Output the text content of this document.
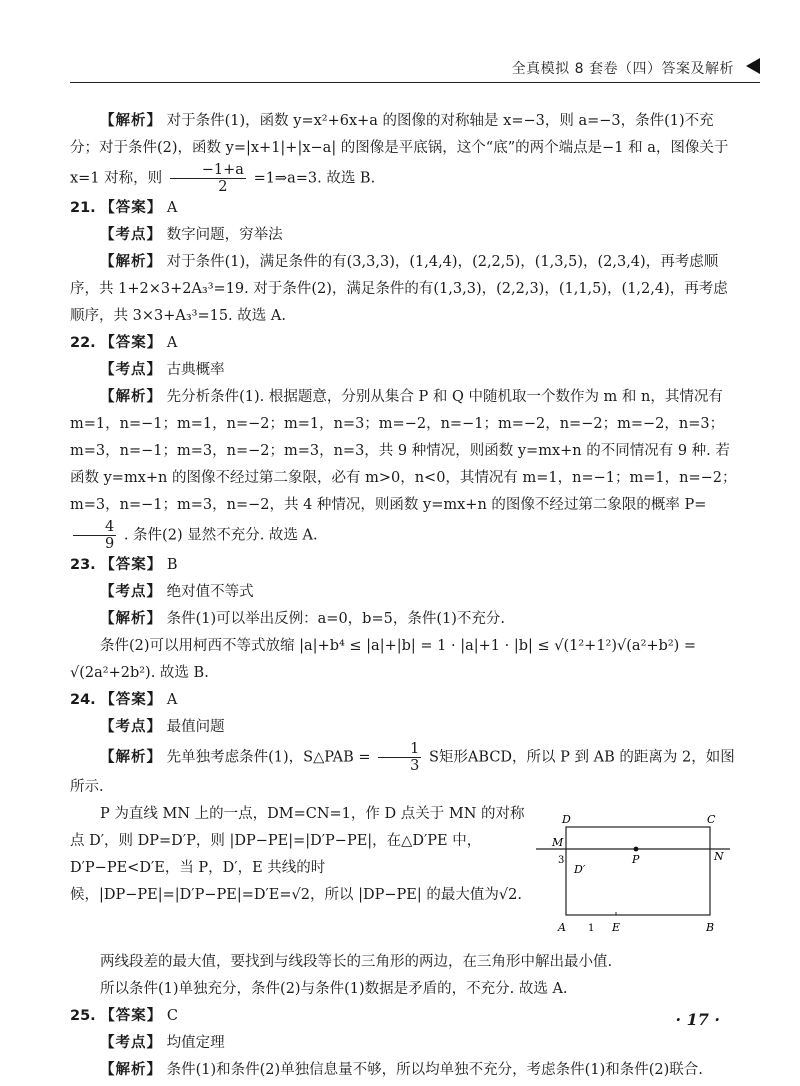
全真模拟 8 套卷（四）答案及解析

【解析】 对于条件(1)，函数 y=x²+6x+a 的图像的对称轴是 x=−3，则 a=−3，条件(1)不充分；对于条件(2)，函数 y=|x+1|+|x−a| 的图像是平底锅，这个“底”的两个端点是−1 和 a，图像关于 x=1 对称，则 $\frac{-1+a}{2}$ =1⇒a=3. 故选 B.

21. 【答案】 A

【考点】 数字问题，穷举法

【解析】 对于条件(1)，满足条件的有(3,3,3)，(1,4,4)，(2,2,5)，(1,3,5)，(2,3,4)，再考虑顺序，共 1+2×3+2A₃³=19. 对于条件(2)，满足条件的有(1,3,3)，(2,2,3)，(1,1,5)，(1,2,4)，再考虑顺序，共 3×3+A₃³=15. 故选 A.

22. 【答案】 A

【考点】 古典概率

【解析】 先分析条件(1). 根据题意，分别从集合 P 和 Q 中随机取一个数作为 m 和 n，其情况有 m=1，n=−1；m=1，n=−2；m=1，n=3；m=−2，n=−1；m=−2，n=−2；m=−2，n=3；m=3，n=−1；m=3，n=−2；m=3，n=3，共 9 种情况，则函数 y=mx+n 的不同情况有 9 种. 若函数 y=mx+n 的图像不经过第二象限，必有 m>0，n<0，其情况有 m=1，n=−1；m=1，n=−2；m=3，n=−1；m=3，n=−2，共 4 种情况，则函数 y=mx+n 的图像不经过第二象限的概率 P=
$\frac{4}{9}$ . 条件(2) 显然不充分. 故选 A.

23. 【答案】 B

【考点】 绝对值不等式

【解析】 条件(1)可以举出反例：a=0，b=5，条件(1)不充分.

条件(2)可以用柯西不等式放缩 |a|+b⁴ ≤ |a|+|b| = 1 · |a|+1 · |b| ≤ √(1²+1²)√(a²+b²) = √(2a²+2b²). 故选 B.

24. 【答案】 A

【考点】 最值问题

【解析】 先单独考虑条件(1)，S△PAB = $\frac{1}{3}$ S矩形ABCD，所以 P 到 AB 的距离为 2，如图所示.

P 为直线 MN 上的一点，DM=CN=1，作 D 点关于 MN 的对称点 D′，则 DP=D′P，则 |DP−PE|=|D′P−PE|，在△D′PE 中，D′P−PE<D′E，当 P，D′，E 共线的时候，|DP−PE|=|D′P−PE|=D′E=√2，所以 |DP−PE| 的最大值为√2.

D	C
M
N
P
D′
3
A 1 E	B

两线段差的最大值，要找到与线段等长的三角形的两边，在三角形中解出最小值.

所以条件(1)单独充分，条件(2)与条件(1)数据是矛盾的，不充分. 故选 A.

25. 【答案】 C

【考点】 均值定理

【解析】 条件(1)和条件(2)单独信息量不够，所以均单独不充分，考虑条件(1)和条件(2)联合.

· 17 ·
